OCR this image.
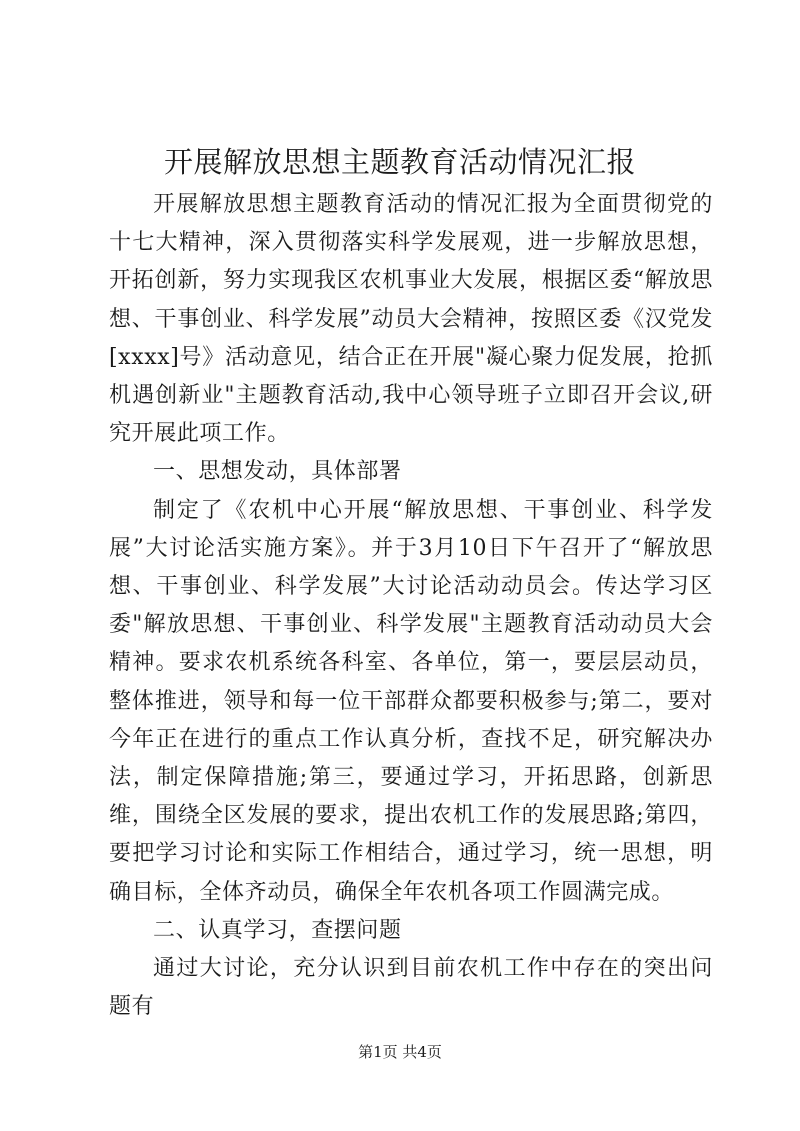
开展解放思想主题教育活动情况汇报

开展解放思想主题教育活动的情况汇报为全面贯彻党的十七大精神，深入贯彻落实科学发展观，进一步解放思想，开拓创新，努力实现我区农机事业大发展，根据区委“解放思想、干事创业、科学发展”动员大会精神，按照区委《汉党发[xxxx]号》活动意见，结合正在开展"凝心聚力促发展，抢抓机遇创新业"主题教育活动,我中心领导班子立即召开会议,研究开展此项工作。

一、思想发动，具体部署

制定了《农机中心开展“解放思想、干事创业、科学发展”大讨论活实施方案》。并于3月10日下午召开了“解放思想、干事创业、科学发展”大讨论活动动员会。传达学习区委"解放思想、干事创业、科学发展"主题教育活动动员大会精神。要求农机系统各科室、各单位，第一，要层层动员，整体推进，领导和每一位干部群众都要积极参与;第二，要对今年正在进行的重点工作认真分析，查找不足，研究解决办法，制定保障措施;第三，要通过学习，开拓思路，创新思维，围绕全区发展的要求，提出农机工作的发展思路;第四，要把学习讨论和实际工作相结合，通过学习，统一思想，明确目标，全体齐动员，确保全年农机各项工作圆满完成。

二、认真学习，查摆问题

通过大讨论，充分认识到目前农机工作中存在的突出问题有

第1页 共4页
